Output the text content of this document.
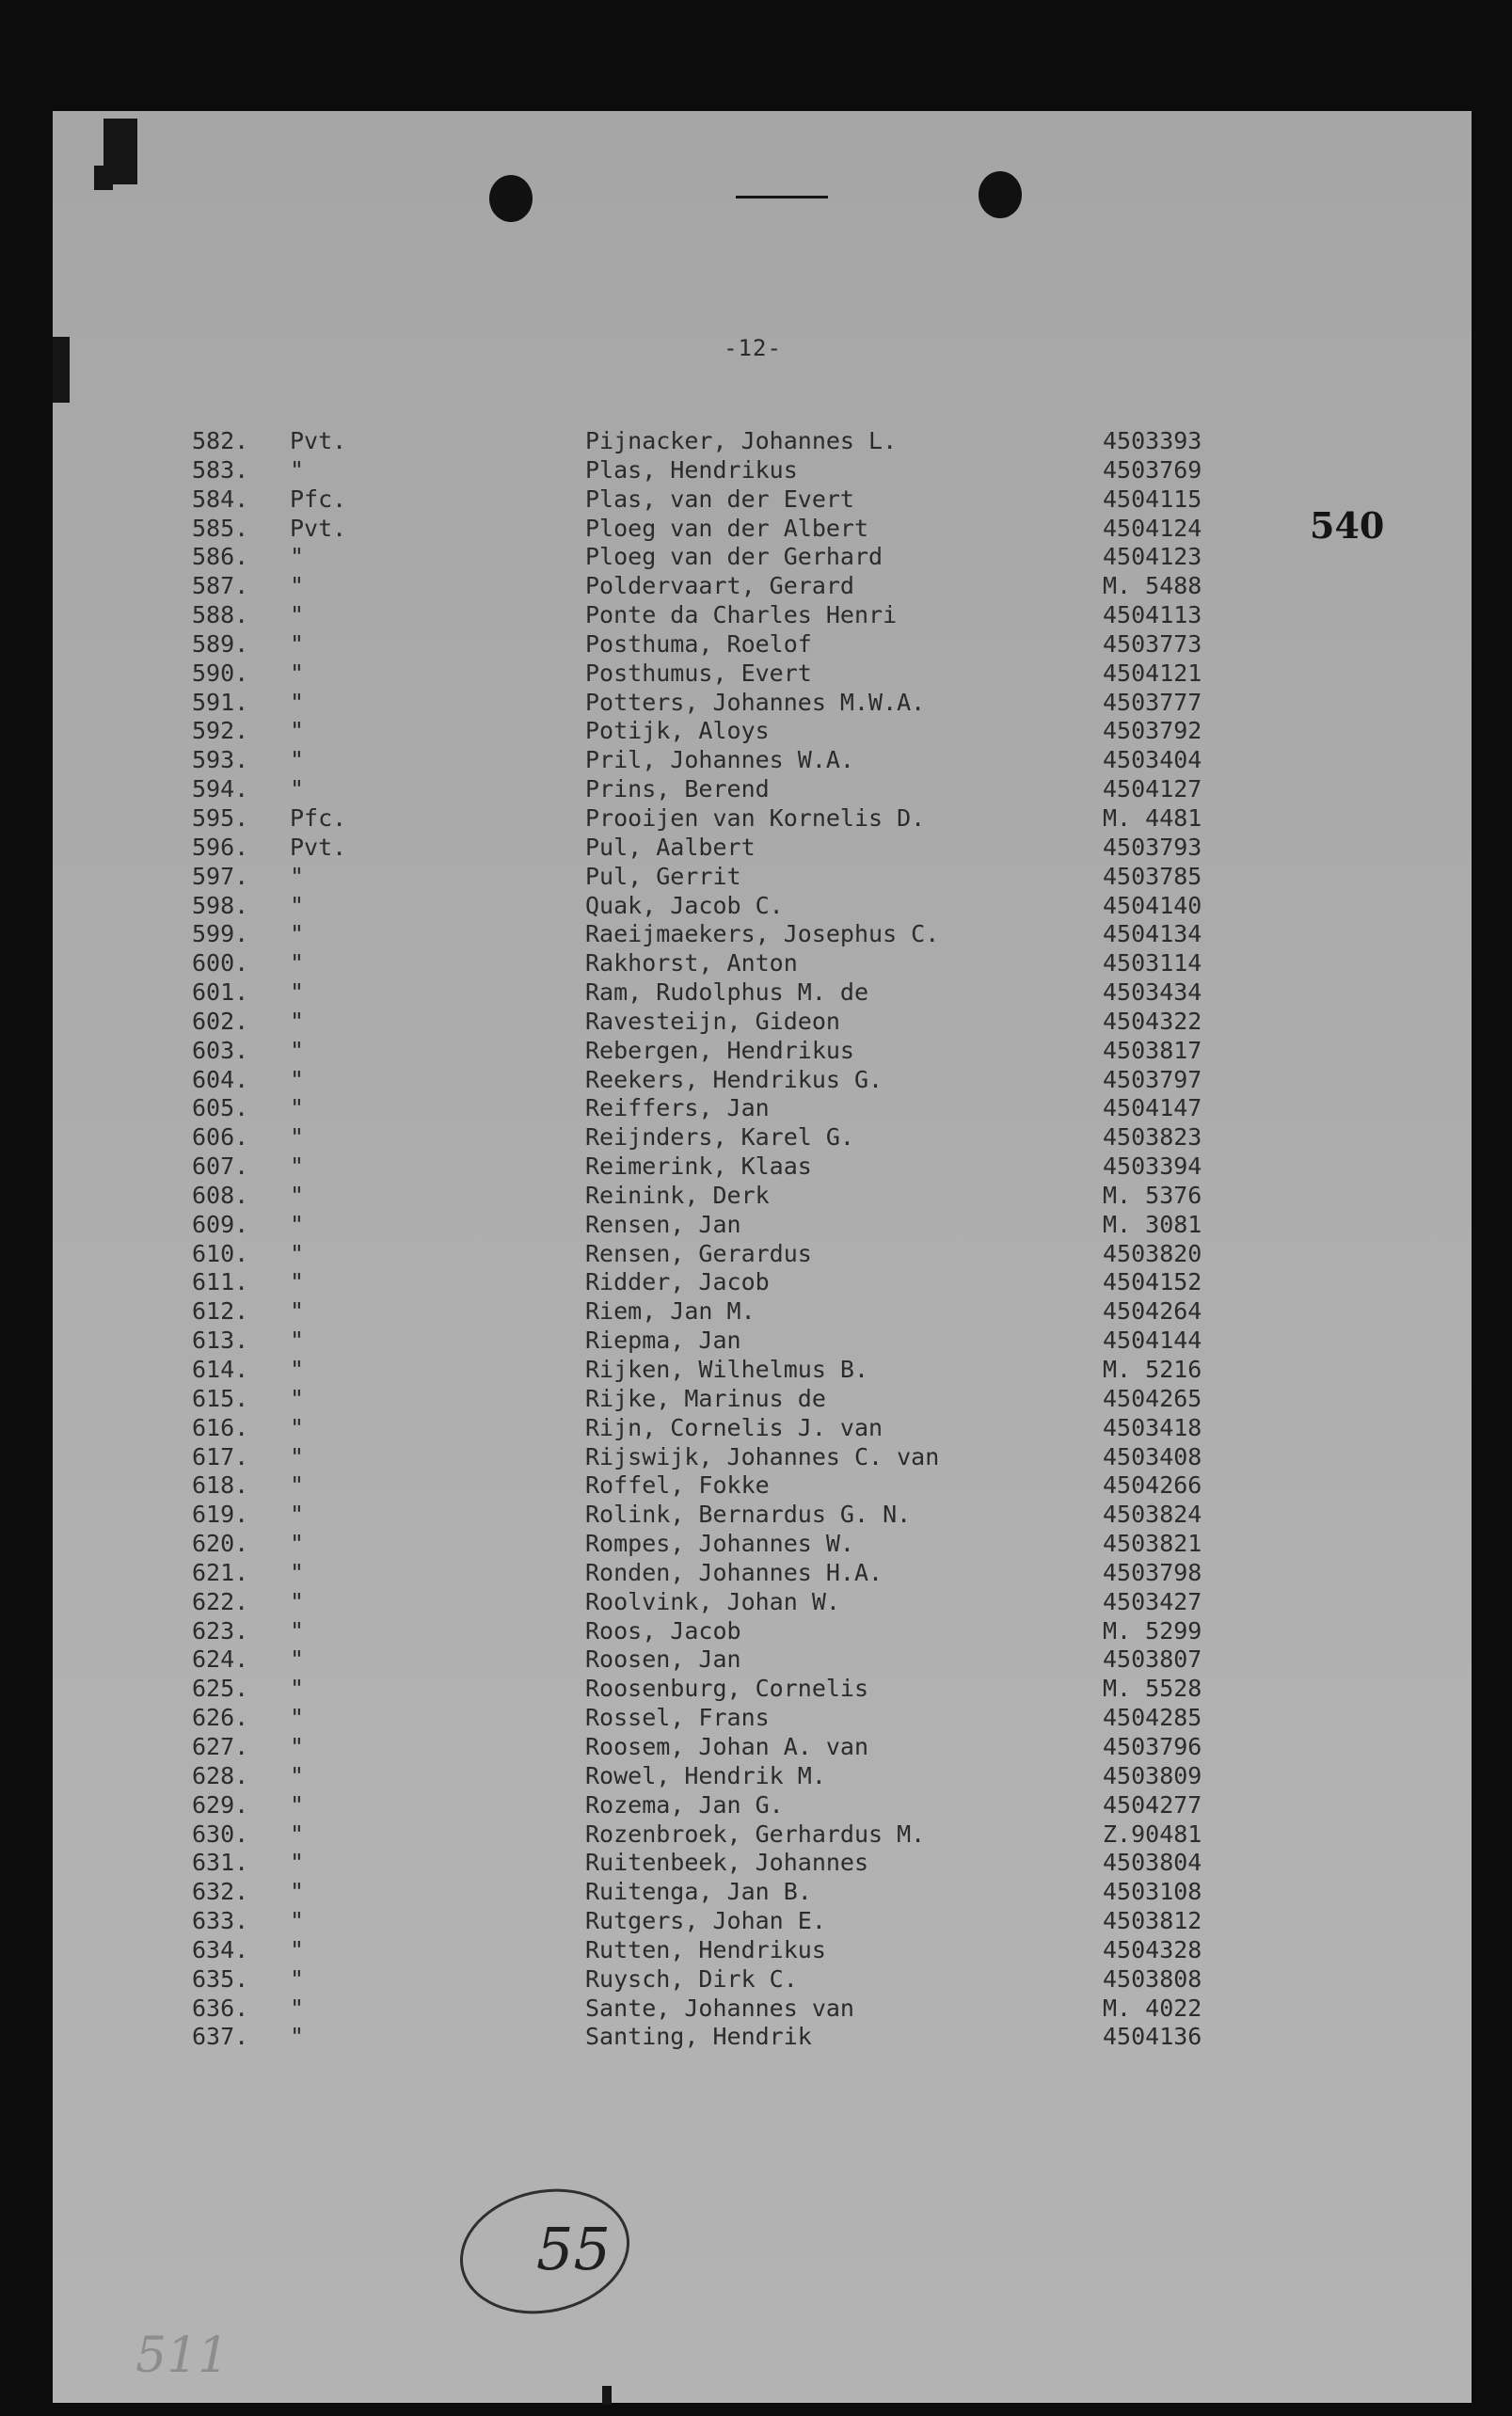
-12-
540
582. Pvt.	Pijnacker, Johannes L.	4503393
583. "	Plas, Hendrikus	4503769
584. Pfc.	Plas, van der Evert	4504115
585. Pvt.	Ploeg van der Albert	4504124
586. "	Ploeg van der Gerhard	4504123
587. "	Poldervaart, Gerard	M. 5488
588. "	Ponte da Charles Henri	4504113
589. "	Posthuma, Roelof	4503773
590. "	Posthumus, Evert	4504121
591. "	Potters, Johannes M.W.A.	4503777
592. "	Potijk, Aloys	4503792
593. "	Pril, Johannes W.A.	4503404
594. "	Prins, Berend	4504127
595. Pfc.	Prooijen van Kornelis D.	M. 4481
596. Pvt.	Pul, Aalbert	4503793
597. "	Pul, Gerrit	4503785
598. "	Quak, Jacob C.	4504140
599. "	Raeijmaekers, Josephus C.	4504134
600. "	Rakhorst, Anton	4503114
601. "	Ram, Rudolphus M. de	4503434
602. "	Ravesteijn, Gideon	4504322
603. "	Rebergen, Hendrikus	4503817
604. "	Reekers, Hendrikus G.	4503797
605. "	Reiffers, Jan	4504147
606. "	Reijnders, Karel G.	4503823
607. "	Reimerink, Klaas	4503394
608. "	Reinink, Derk	M. 5376
609. "	Rensen, Jan	M. 3081
610. "	Rensen, Gerardus	4503820
611. "	Ridder, Jacob	4504152
612. "	Riem, Jan M.	4504264
613. "	Riepma, Jan	4504144
614. "	Rijken, Wilhelmus B.	M. 5216
615. "	Rijke, Marinus de	4504265
616. "	Rijn, Cornelis J. van	4503418
617. "	Rijswijk, Johannes C. van	4503408
618. "	Roffel, Fokke	4504266
619. "	Rolink, Bernardus G. N.	4503824
620. "	Rompes, Johannes W.	4503821
621. "	Ronden, Johannes H.A.	4503798
622. "	Roolvink, Johan W.	4503427
623. "	Roos, Jacob	M. 5299
624. "	Roosen, Jan	4503807
625. "	Roosenburg, Cornelis	M. 5528
626. "	Rossel, Frans	4504285
627. "	Roosem, Johan A. van	4503796
628. "	Rowel, Hendrik M.	4503809
629. "	Rozema, Jan G.	4504277
630. "	Rozenbroek, Gerhardus M.	Z.90481
631. "	Ruitenbeek, Johannes	4503804
632. "	Ruitenga, Jan B.	4503108
633. "	Rutgers, Johan E.	4503812
634. "	Rutten, Hendrikus	4504328
635. "	Ruysch, Dirk C.	4503808
636. "	Sante, Johannes van	M. 4022
637. "	Santing, Hendrik	4504136
55
511
